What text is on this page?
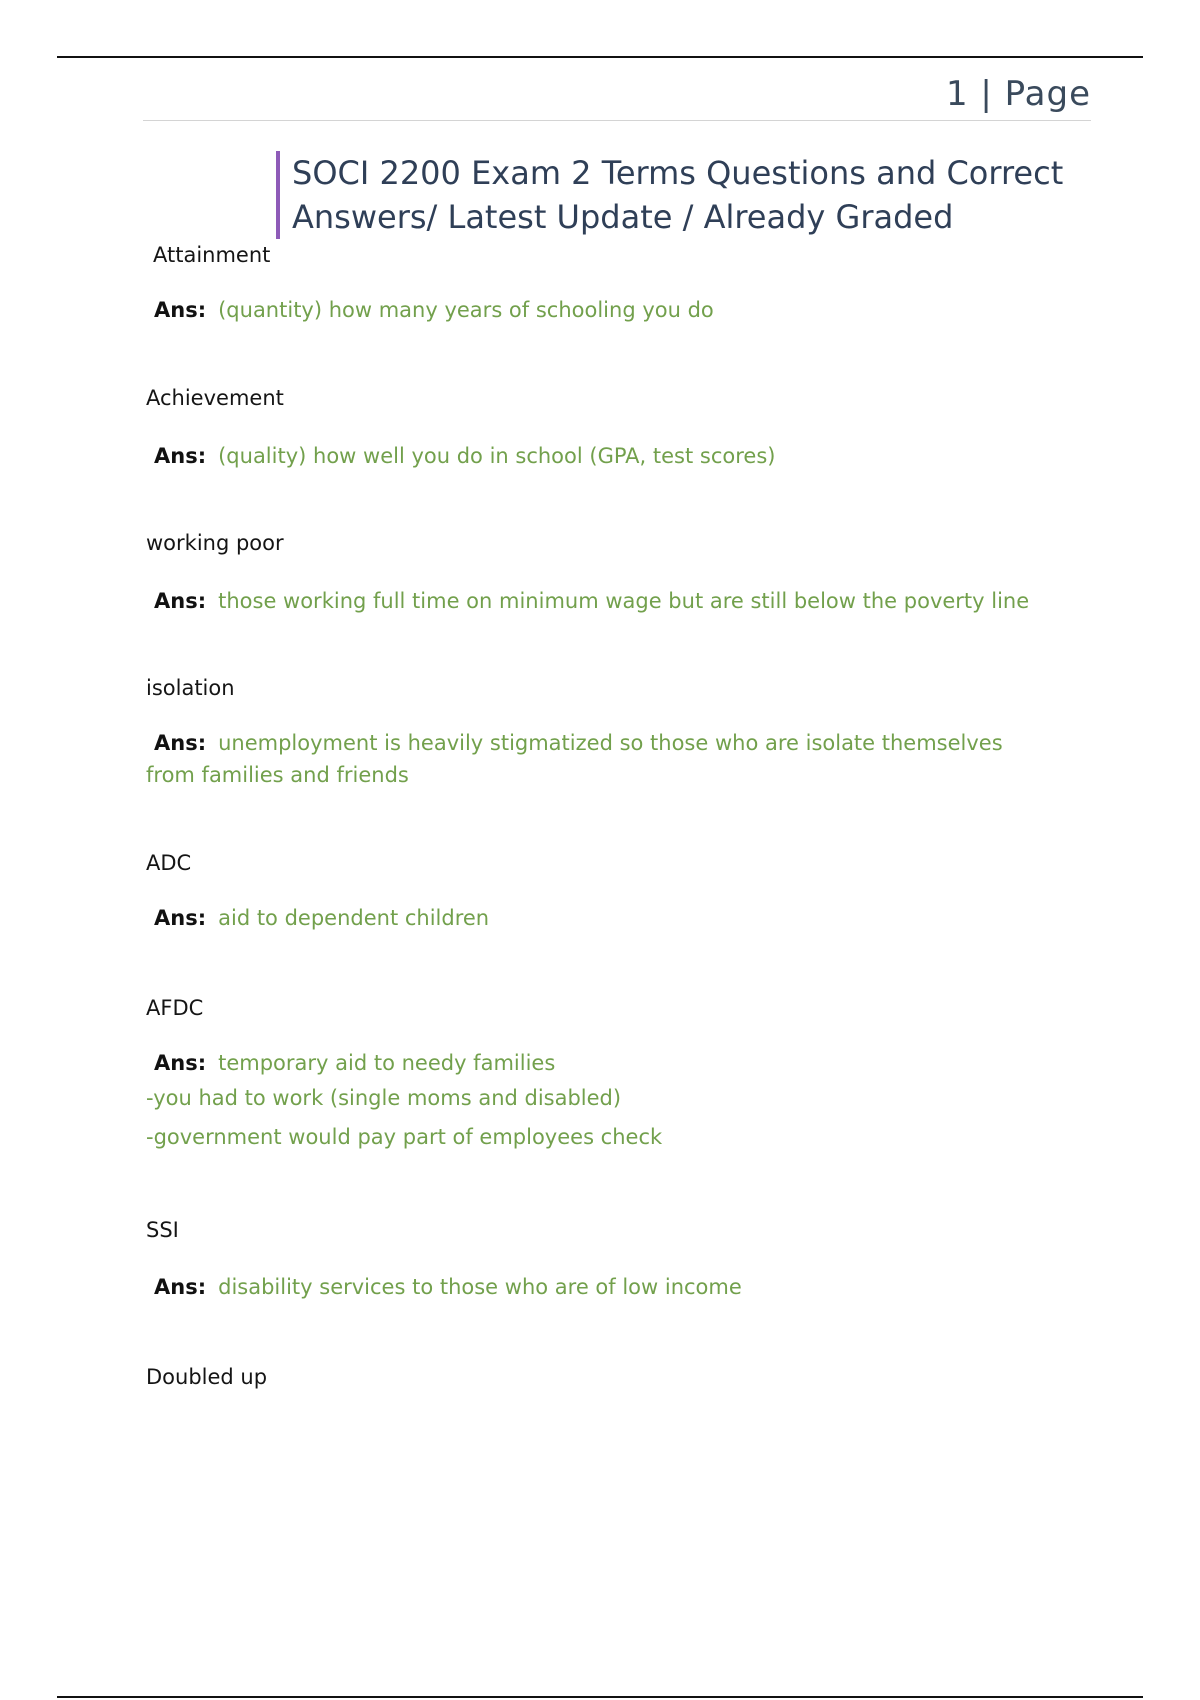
1 | Page
SOCI 2200 Exam 2 Terms Questions and Correct
Answers/ Latest Update / Already Graded

Attainment

Ans: (quantity) how many years of schooling you do

Achievement

Ans: (quality) how well you do in school (GPA, test scores)

working poor

Ans: those working full time on minimum wage but are still below the poverty line

isolation

Ans: unemployment is heavily stigmatized so those who are isolate themselves

from families and friends

ADC

Ans: aid to dependent children

AFDC

Ans: temporary aid to needy families

-you had to work (single moms and disabled)

-government would pay part of employees check

SSI

Ans: disability services to those who are of low income

Doubled up
